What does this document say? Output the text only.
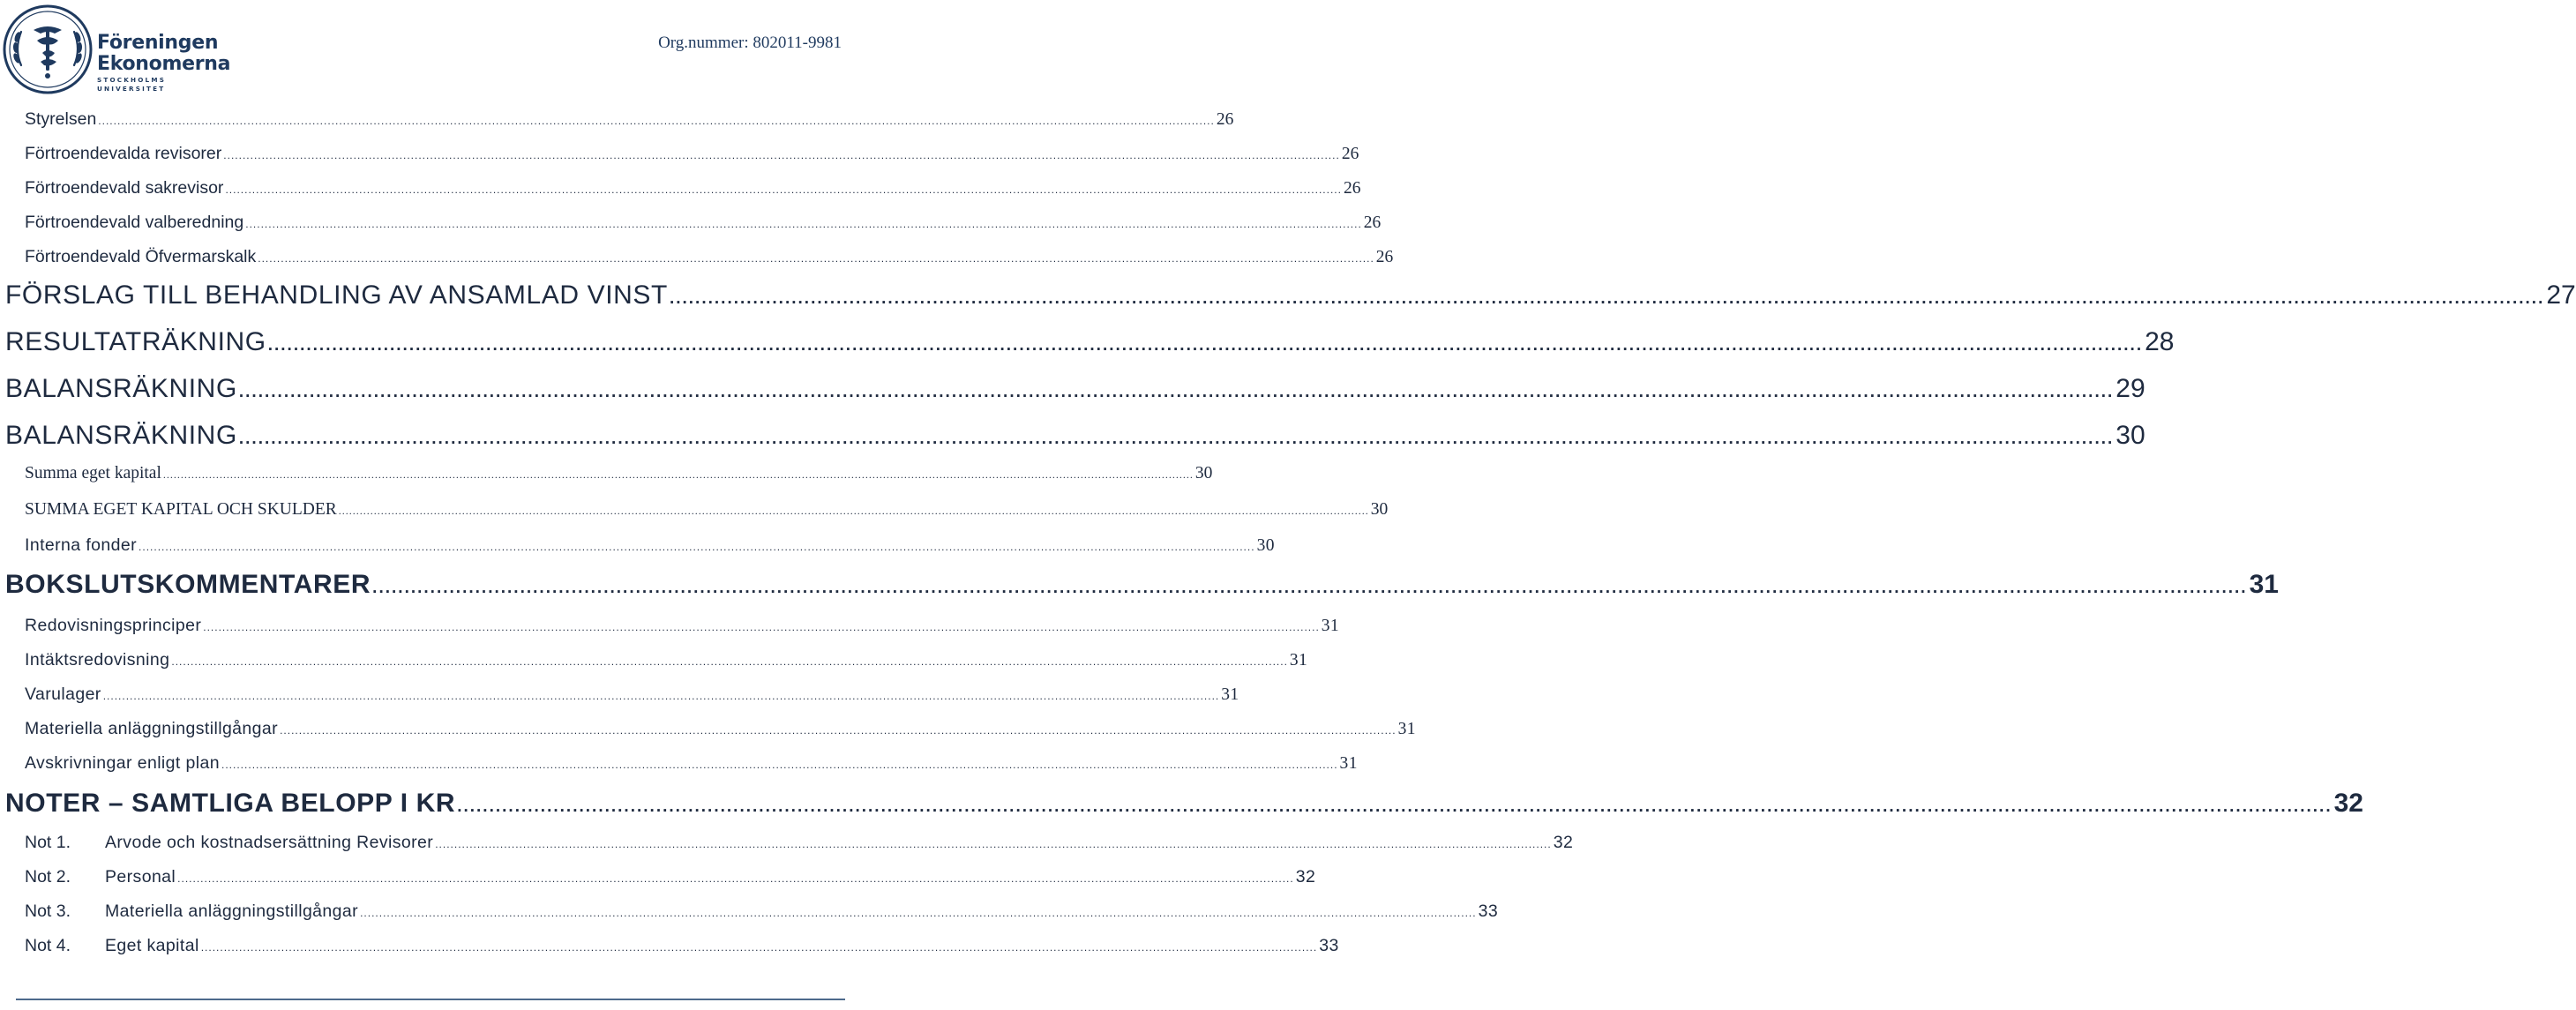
Föreningen
Ekonomerna
STOCKHOLMS UNIVERSITET
Org.nummer: 802011-9981
Styrelsen .................................................................................................................................................................................................................................................................................................... 26
Förtroendevalda revisorer .................................................................................................................................................................................................................................................................................................... 26
Förtroendevald sakrevisor .................................................................................................................................................................................................................................................................................................... 26
Förtroendevald valberedning .................................................................................................................................................................................................................................................................................................... 26
Förtroendevald Öfvermarskalk .................................................................................................................................................................................................................................................................................................... 26
FÖRSLAG TILL BEHANDLING AV ANSAMLAD VINST .................................................................................................................................................................................................................................................................................................... 27
RESULTATRÄKNING .................................................................................................................................................................................................................................................................................................... 28
BALANSRÄKNING .................................................................................................................................................................................................................................................................................................... 29
BALANSRÄKNING .................................................................................................................................................................................................................................................................................................... 30
Summa eget kapital .................................................................................................................................................................................................................................................................................................... 30
SUMMA EGET KAPITAL OCH SKULDER .................................................................................................................................................................................................................................................................................................... 30
Interna fonder .................................................................................................................................................................................................................................................................................................... 30
BOKSLUTSKOMMENTARER .................................................................................................................................................................................................................................................................................................... 31
Redovisningsprinciper .................................................................................................................................................................................................................................................................................................... 31
Intäktsredovisning .................................................................................................................................................................................................................................................................................................... 31
Varulager .................................................................................................................................................................................................................................................................................................... 31
Materiella anläggningstillgångar .................................................................................................................................................................................................................................................................................................... 31
Avskrivningar enligt plan .................................................................................................................................................................................................................................................................................................... 31
NOTER – SAMTLIGA BELOPP I KR .................................................................................................................................................................................................................................................................................................... 32
Not 1.	Arvode och kostnadsersättning Revisorer .................................................................................................................................................................................................................................................................................................... 32
Not 2.	Personal .................................................................................................................................................................................................................................................................................................... 32
Not 3.	Materiella anläggningstillgångar .................................................................................................................................................................................................................................................................................................... 33
Not 4.	Eget kapital .................................................................................................................................................................................................................................................................................................... 33
